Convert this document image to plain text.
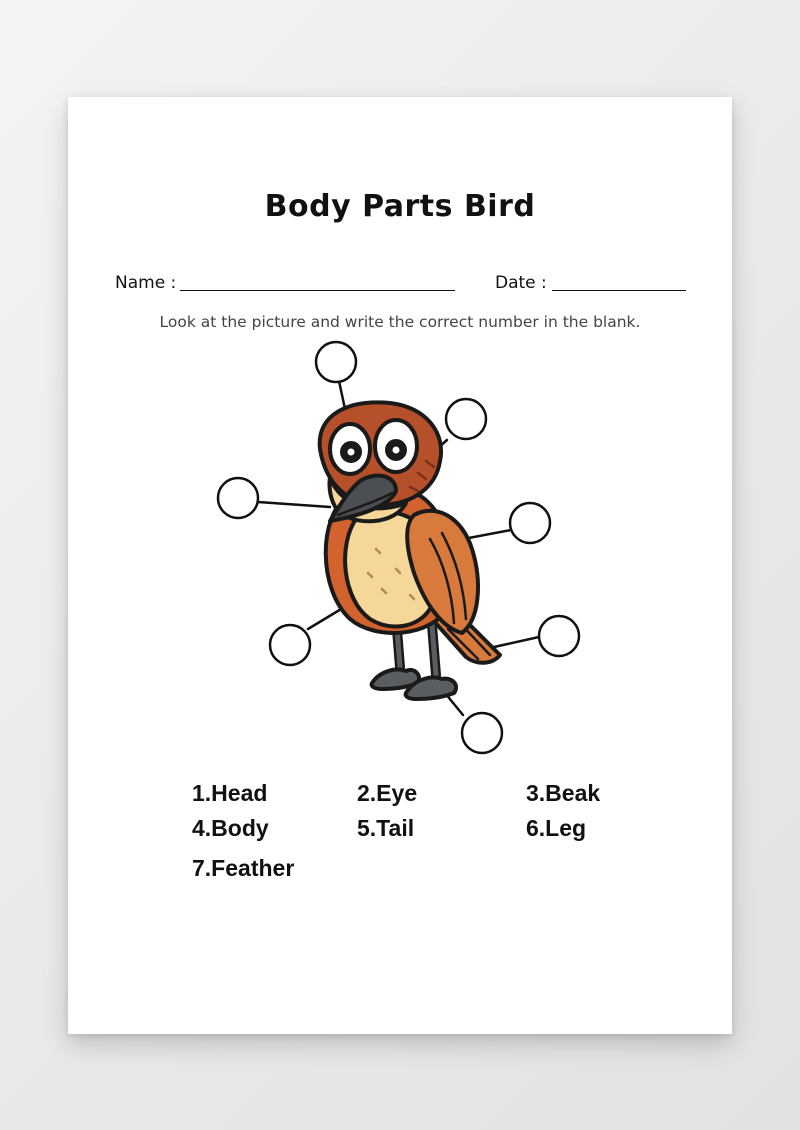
Body Parts Bird
Name :	Date :
Look at the picture and write the correct number in the blank.
1.Head	2.Eye	3.Beak
4.Body	5.Tail	6.Leg
7.Feather
